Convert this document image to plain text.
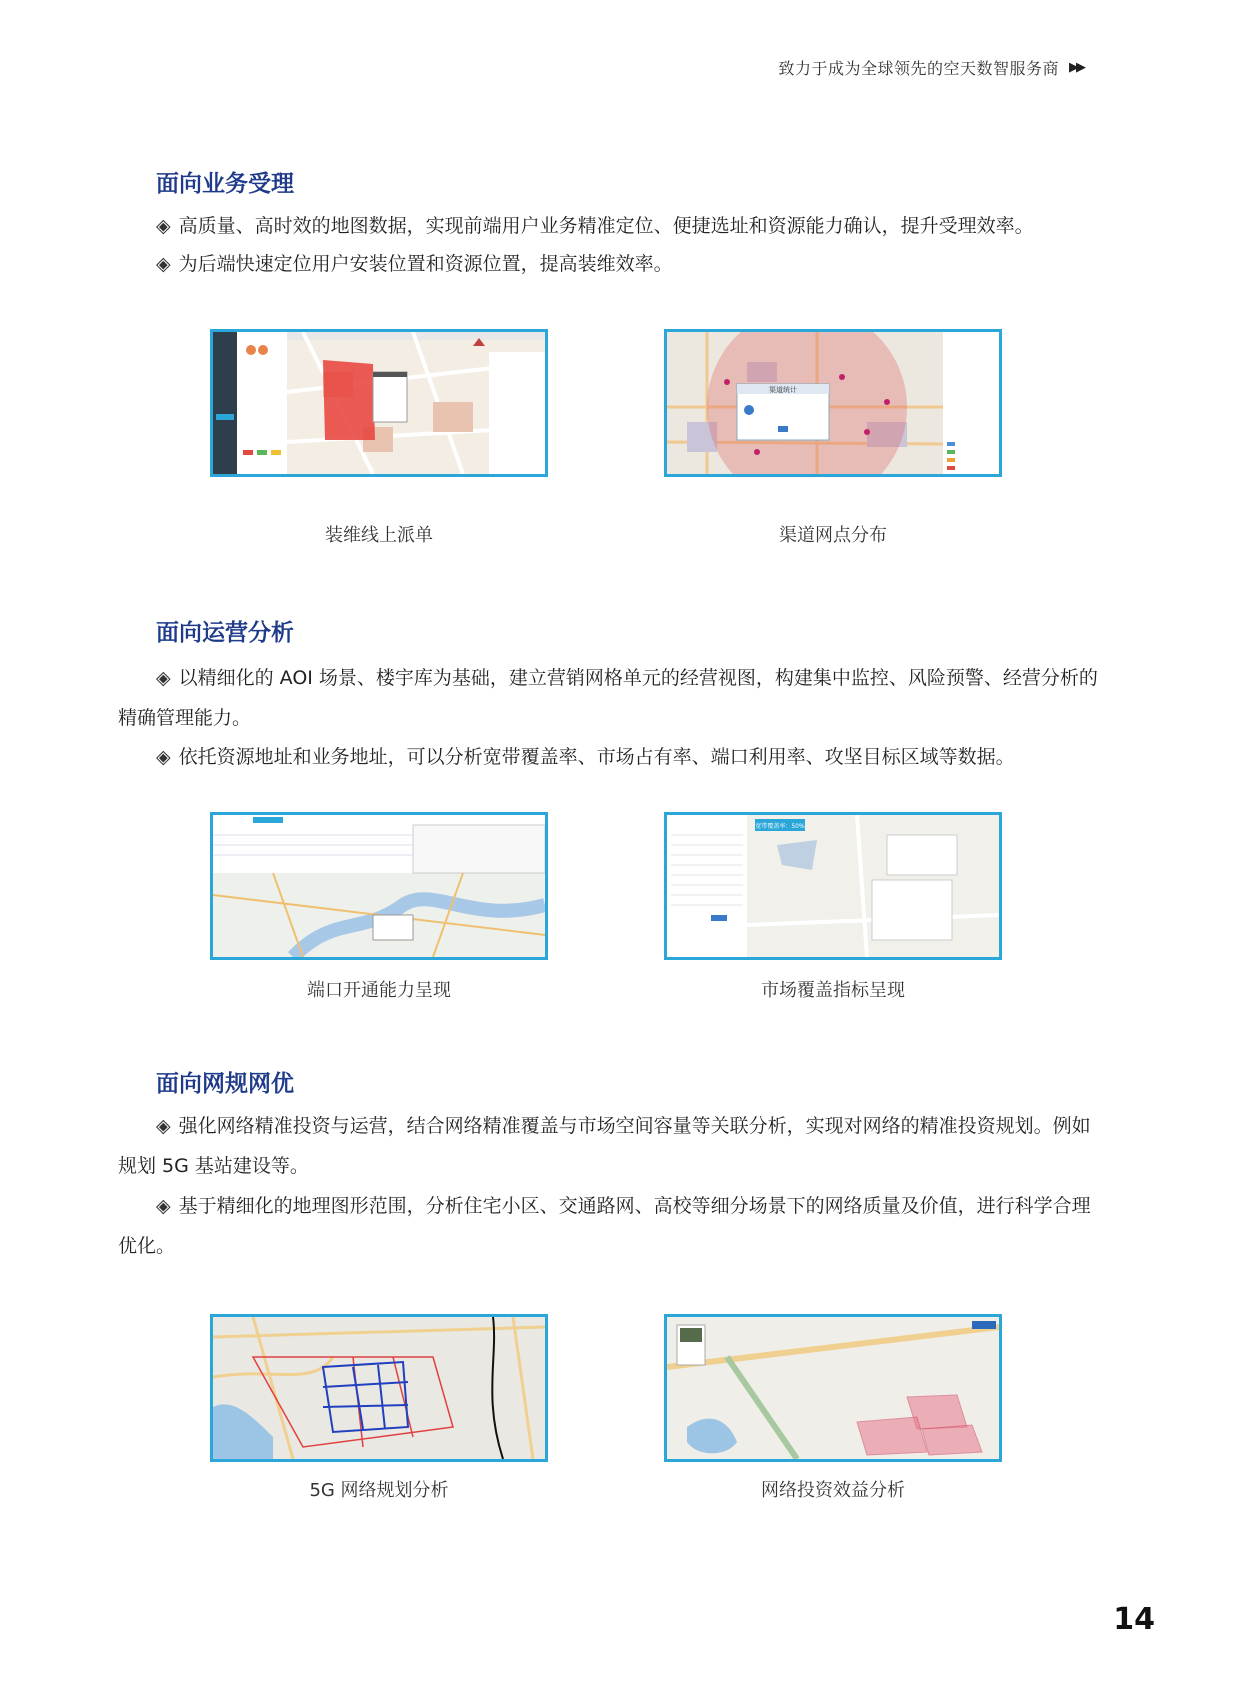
致力于成为全球领先的空天数智服务商 ▶▶
面向业务受理
◈ 高质量、高时效的地图数据，实现前端用户业务精准定位、便捷选址和资源能力确认，提升受理效率。
◈ 为后端快速定位用户安装位置和资源位置，提高装维效率。
装维线上派单
渠道统计
渠道网点分布
面向运营分析
◈ 以精细化的 AOI 场景、楼宇库为基础，建立营销网格单元的经营视图，构建集中监控、风险预警、经营分析的精确管理能力。
◈ 依托资源地址和业务地址，可以分析宽带覆盖率、市场占有率、端口利用率、攻坚目标区域等数据。
端口开通能力呈现
宽带覆盖率：50%
市场覆盖指标呈现
面向网规网优
◈ 强化网络精准投资与运营，结合网络精准覆盖与市场空间容量等关联分析，实现对网络的精准投资规划。例如规划 5G 基站建设等。
◈ 基于精细化的地理图形范围，分析住宅小区、交通路网、高校等细分场景下的网络质量及价值，进行科学合理优化。
5G 网络规划分析	网络投资效益分析
14
